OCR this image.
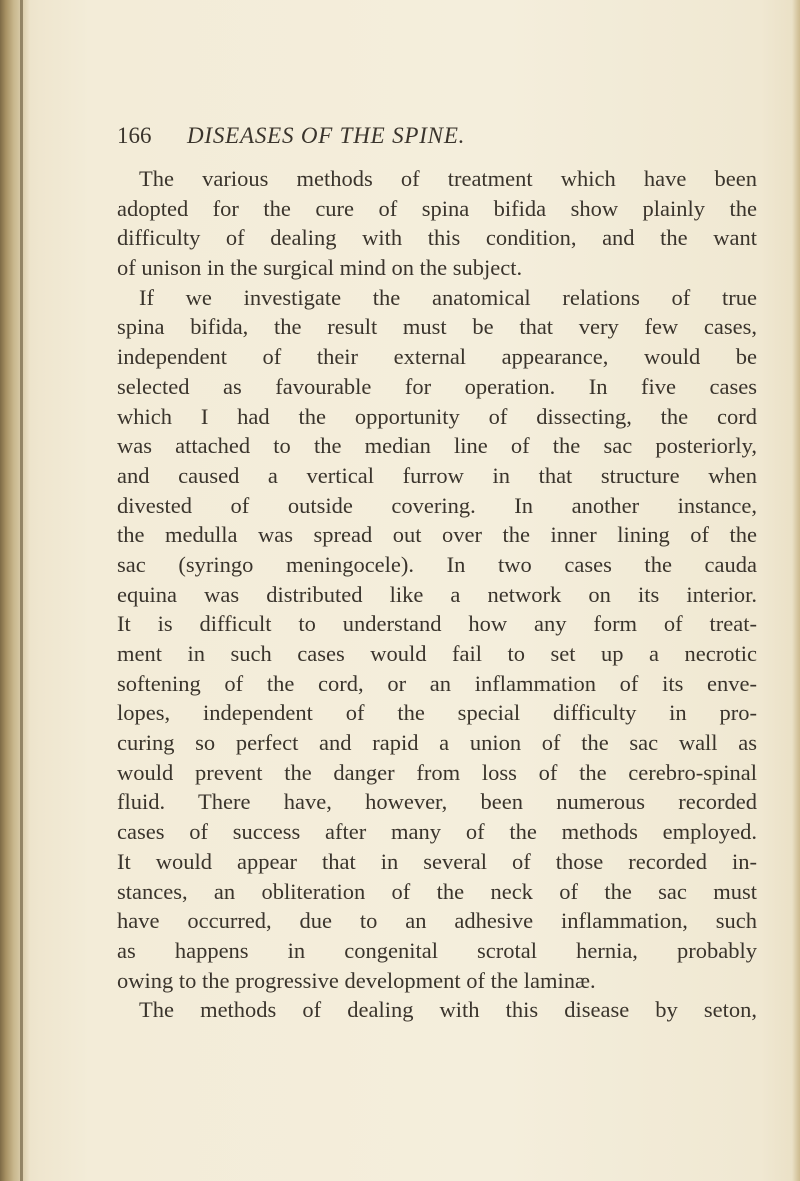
166 DISEASES OF THE SPINE.
The various methods of treatment which have been
adopted for the cure of spina bifida show plainly the
difficulty of dealing with this condition, and the want
of unison in the surgical mind on the subject.
If we investigate the anatomical relations of true
spina bifida, the result must be that very few cases,
independent of their external appearance, would be
selected as favourable for operation. In five cases
which I had the opportunity of dissecting, the cord
was attached to the median line of the sac posteriorly,
and caused a vertical furrow in that structure when
divested of outside covering. In another instance,
the medulla was spread out over the inner lining of the
sac (syringo meningocele). In two cases the cauda
equina was distributed like a network on its interior.
It is difficult to understand how any form of treat-
ment in such cases would fail to set up a necrotic
softening of the cord, or an inflammation of its enve-
lopes, independent of the special difficulty in pro-
curing so perfect and rapid a union of the sac wall as
would prevent the danger from loss of the cerebro-spinal
fluid. There have, however, been numerous recorded
cases of success after many of the methods employed.
It would appear that in several of those recorded in-
stances, an obliteration of the neck of the sac must
have occurred, due to an adhesive inflammation, such
as happens in congenital scrotal hernia, probably
owing to the progressive development of the laminæ.
The methods of dealing with this disease by seton,
